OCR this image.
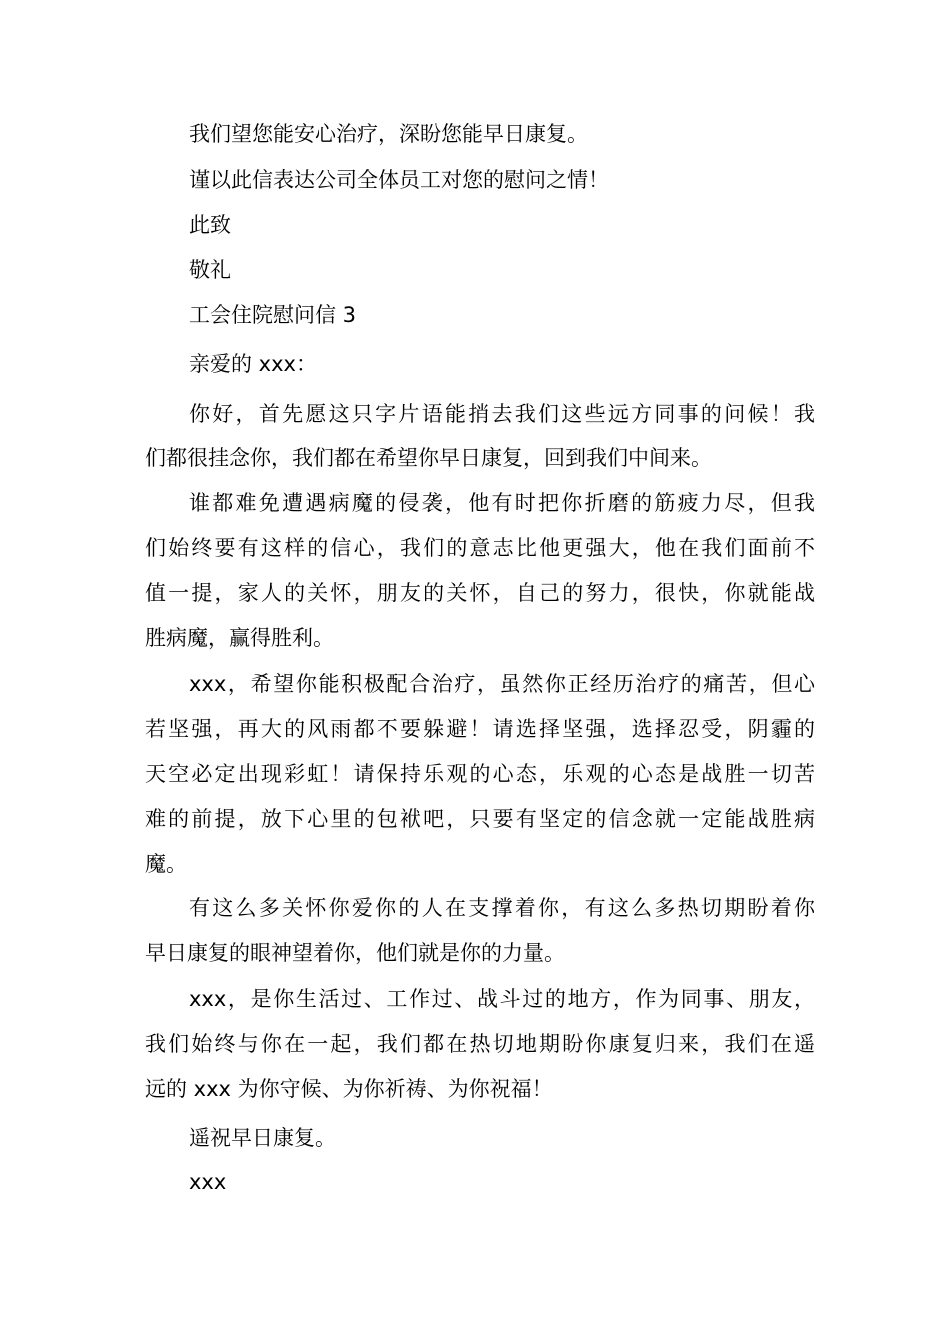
我们望您能安心治疗，深盼您能早日康复。
谨以此信表达公司全体员工对您的慰问之情！
此致
敬礼
工会住院慰问信 3
亲爱的 xxx：
你好，首先愿这只字片语能捎去我们这些远方同事的问候！我
们都很挂念你，我们都在希望你早日康复，回到我们中间来。
谁都难免遭遇病魔的侵袭，他有时把你折磨的筋疲力尽，但我
们始终要有这样的信心，我们的意志比他更强大，他在我们面前不
值一提，家人的关怀，朋友的关怀，自己的努力，很快，你就能战
胜病魔，赢得胜利。
xxx，希望你能积极配合治疗，虽然你正经历治疗的痛苦，但心
若坚强，再大的风雨都不要躲避！请选择坚强，选择忍受，阴霾的
天空必定出现彩虹！请保持乐观的心态，乐观的心态是战胜一切苦
难的前提，放下心里的包袱吧，只要有坚定的信念就一定能战胜病
魔。
有这么多关怀你爱你的人在支撑着你，有这么多热切期盼着你
早日康复的眼神望着你，他们就是你的力量。
xxx，是你生活过、工作过、战斗过的地方，作为同事、朋友，
我们始终与你在一起，我们都在热切地期盼你康复归来，我们在遥
远的 xxx 为你守候、为你祈祷、为你祝福！
遥祝早日康复。
xxx
